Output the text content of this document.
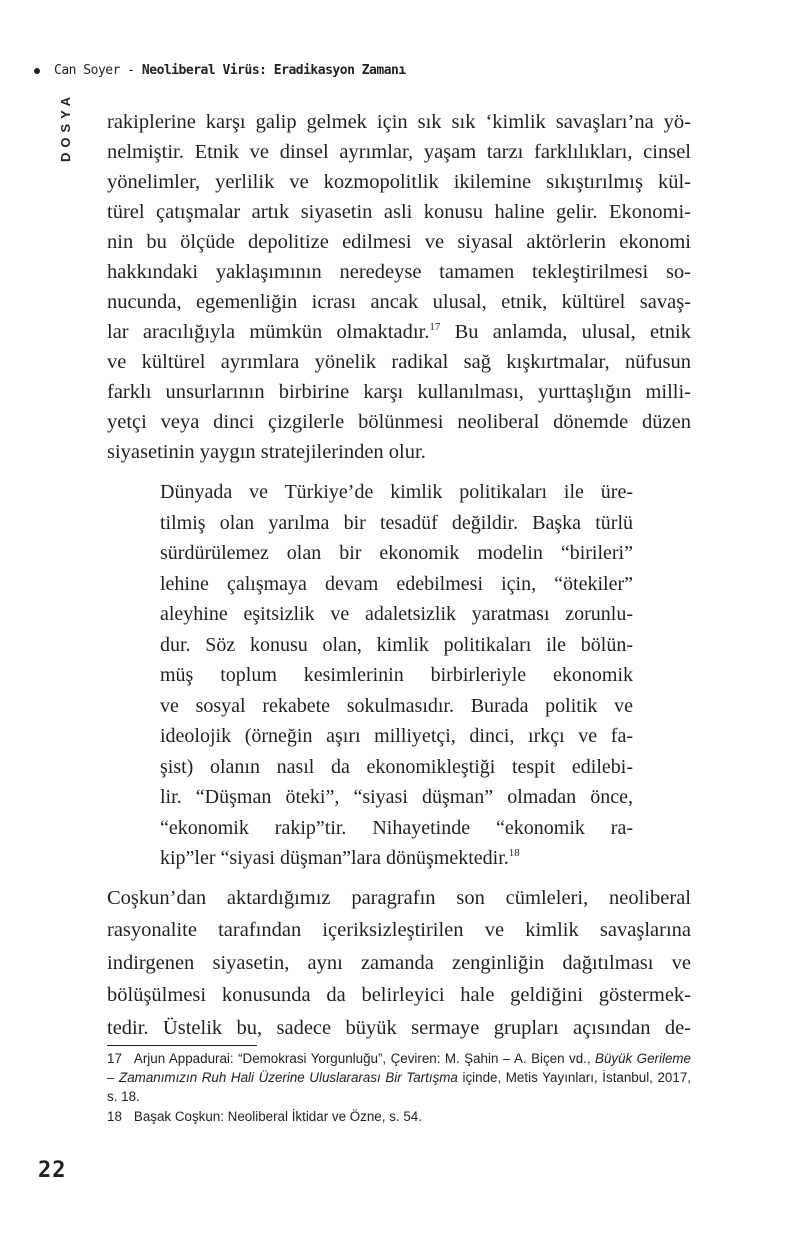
Can Soyer - Neoliberal Virüs: Eradikasyon Zamanı
DOSYA rakiplerine karşı galip gelmek için sık sık ‘kimlik savaşları’na yö-
nelmiştir. Etnik ve dinsel ayrımlar, yaşam tarzı farklılıkları, cinsel
yönelimler, yerlilik ve kozmopolitlik ikilemine sıkıştırılmış kül-
türel çatışmalar artık siyasetin asli konusu haline gelir. Ekonomi-
nin bu ölçüde depolitize edilmesi ve siyasal aktörlerin ekonomi
hakkındaki yaklaşımının neredeyse tamamen tekleştirilmesi so-
nucunda, egemenliğin icrası ancak ulusal, etnik, kültürel savaş-
lar aracılığıyla mümkün olmaktadır.$^{17}$ Bu anlamda, ulusal, etnik
ve kültürel ayrımlara yönelik radikal sağ kışkırtmalar, nüfusun
farklı unsurlarının birbirine karşı kullanılması, yurttaşlığın milli-
yetçi veya dinci çizgilerle bölünmesi neoliberal dönemde düzen
siyasetinin yaygın stratejilerinden olur.
Dünyada ve Türkiye’de kimlik politikaları ile üre-
tilmiş olan yarılma bir tesadüf değildir. Başka türlü
sürdürülemez olan bir ekonomik modelin “birileri”
lehine çalışmaya devam edebilmesi için, “ötekiler”
aleyhine eşitsizlik ve adaletsizlik yaratması zorunlu-
dur. Söz konusu olan, kimlik politikaları ile bölün-
müş toplum kesimlerinin birbirleriyle ekonomik
ve sosyal rekabete sokulmasıdır. Burada politik ve
ideolojik (örneğin aşırı milliyetçi, dinci, ırkçı ve fa-
şist) olanın nasıl da ekonomikleştiği tespit edilebi-
lir. “Düşman öteki”, “siyasi düşman” olmadan önce,
“ekonomik rakip”tir. Nihayetinde “ekonomik ra-
kip”ler “siyasi düşman”lara dönüşmektedir.$^{18}$
Coşkun’dan aktardığımız paragrafın son cümleleri, neoliberal
rasyonalite tarafından içeriksizleştirilen ve kimlik savaşlarına
indirgenen siyasetin, aynı zamanda zenginliğin dağıtılması ve
bölüşülmesi konusunda da belirleyici hale geldiğini göstermek-
tedir. Üstelik bu, sadece büyük sermaye grupları açısından de-
17 Arjun Appadurai: “Demokrasi Yorgunluğu”, Çeviren: M. Şahin – A. Biçen vd., Büyük Gerileme – Zamanımızın Ruh Hali Üzerine Uluslararası Bir Tartışma içinde, Metis Yayınları, İstanbul, 2017, s. 18.
18 Başak Coşkun: Neoliberal İktidar ve Özne, s. 54.
22
